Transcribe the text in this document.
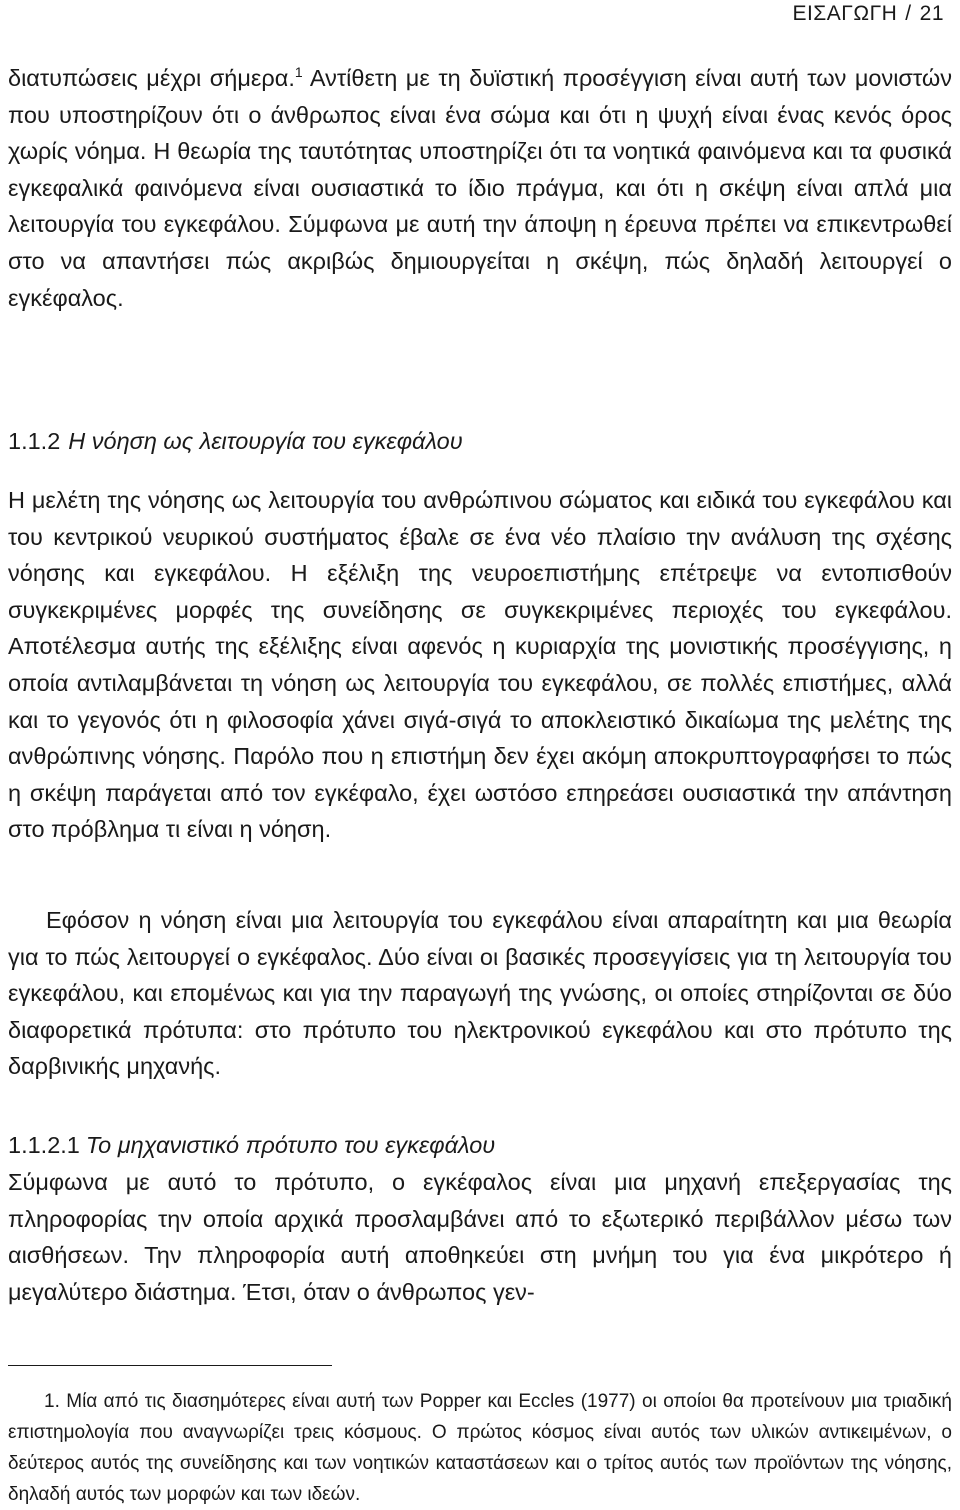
ΕΙΣΑΓΩΓΗ / 21

διατυπώσεις μέχρι σήμερα.$^1$ Αντίθετη με τη δυϊστική προσέγγιση είναι αυτή των μονιστών που υποστηρίζουν ότι ο άνθρωπος είναι ένα σώμα και ότι η ψυχή είναι ένας κενός όρος χωρίς νόημα. Η θεωρία της ταυτότητας υποστηρίζει ότι τα νοητικά φαινόμενα και τα φυσικά εγκεφαλικά φαινόμενα είναι ουσιαστικά το ίδιο πράγμα, και ότι η σκέψη είναι απλά μια λειτουργία του εγκεφάλου. Σύμφωνα με αυτή την άποψη η έρευνα πρέπει να επικεντρωθεί στο να απαντήσει πώς ακριβώς δημιουργείται η σκέψη, πώς δηλαδή λειτουργεί ο εγκέφαλος.

1.1.2 Η νόηση ως λειτουργία του εγκεφάλου

Η μελέτη της νόησης ως λειτουργία του ανθρώπινου σώματος και ειδικά του εγκεφάλου και του κεντρικού νευρικού συστήματος έβαλε σε ένα νέο πλαίσιο την ανάλυση της σχέσης νόησης και εγκεφάλου. Η εξέλιξη της νευροεπιστήμης επέτρεψε να εντοπισθούν συγκεκριμένες μορφές της συνείδησης σε συγκεκριμένες περιοχές του εγκεφάλου. Αποτέλεσμα αυτής της εξέλιξης είναι αφενός η κυριαρχία της μονιστικής προσέγγισης, η οποία αντιλαμβάνεται τη νόηση ως λειτουργία του εγκεφάλου, σε πολλές επιστήμες, αλλά και το γεγονός ότι η φιλοσοφία χάνει σιγά-σιγά το αποκλειστικό δικαίωμα της μελέτης της ανθρώπινης νόησης. Παρόλο που η επιστήμη δεν έχει ακόμη αποκρυπτογραφήσει το πώς η σκέψη παράγεται από τον εγκέφαλο, έχει ωστόσο επηρεάσει ουσιαστικά την απάντηση στο πρόβλημα τι είναι η νόηση.

Εφόσον η νόηση είναι μια λειτουργία του εγκεφάλου είναι απαραίτητη και μια θεωρία για το πώς λειτουργεί ο εγκέφαλος. Δύο είναι οι βασικές προσεγγίσεις για τη λειτουργία του εγκεφάλου, και επομένως και για την παραγωγή της γνώσης, οι οποίες στηρίζονται σε δύο διαφορετικά πρότυπα: στο πρότυπο του ηλεκτρονικού εγκεφάλου και στο πρότυπο της δαρβινικής μηχανής.

1.1.2.1 Το μηχανιστικό πρότυπο του εγκεφάλου

Σύμφωνα με αυτό το πρότυπο, ο εγκέφαλος είναι μια μηχανή επεξεργασίας της πληροφορίας την οποία αρχικά προσλαμβάνει από το εξωτερικό περιβάλλον μέσω των αισθήσεων. Την πληροφορία αυτή αποθηκεύει στη μνήμη του για ένα μικρότερο ή μεγαλύτερο διάστημα. Έτσι, όταν ο άνθρωπος γεν-

1. Μία από τις διασημότερες είναι αυτή των Popper και Eccles (1977) οι οποίοι θα προτείνουν μια τριαδική επιστημολογία που αναγνωρίζει τρεις κόσμους. Ο πρώτος κόσμος είναι αυτός των υλικών αντικειμένων, ο δεύτερος αυτός της συνείδησης και των νοητικών καταστάσεων και ο τρίτος αυτός των προϊόντων της νόησης, δηλαδή αυτός των μορφών και των ιδεών.
